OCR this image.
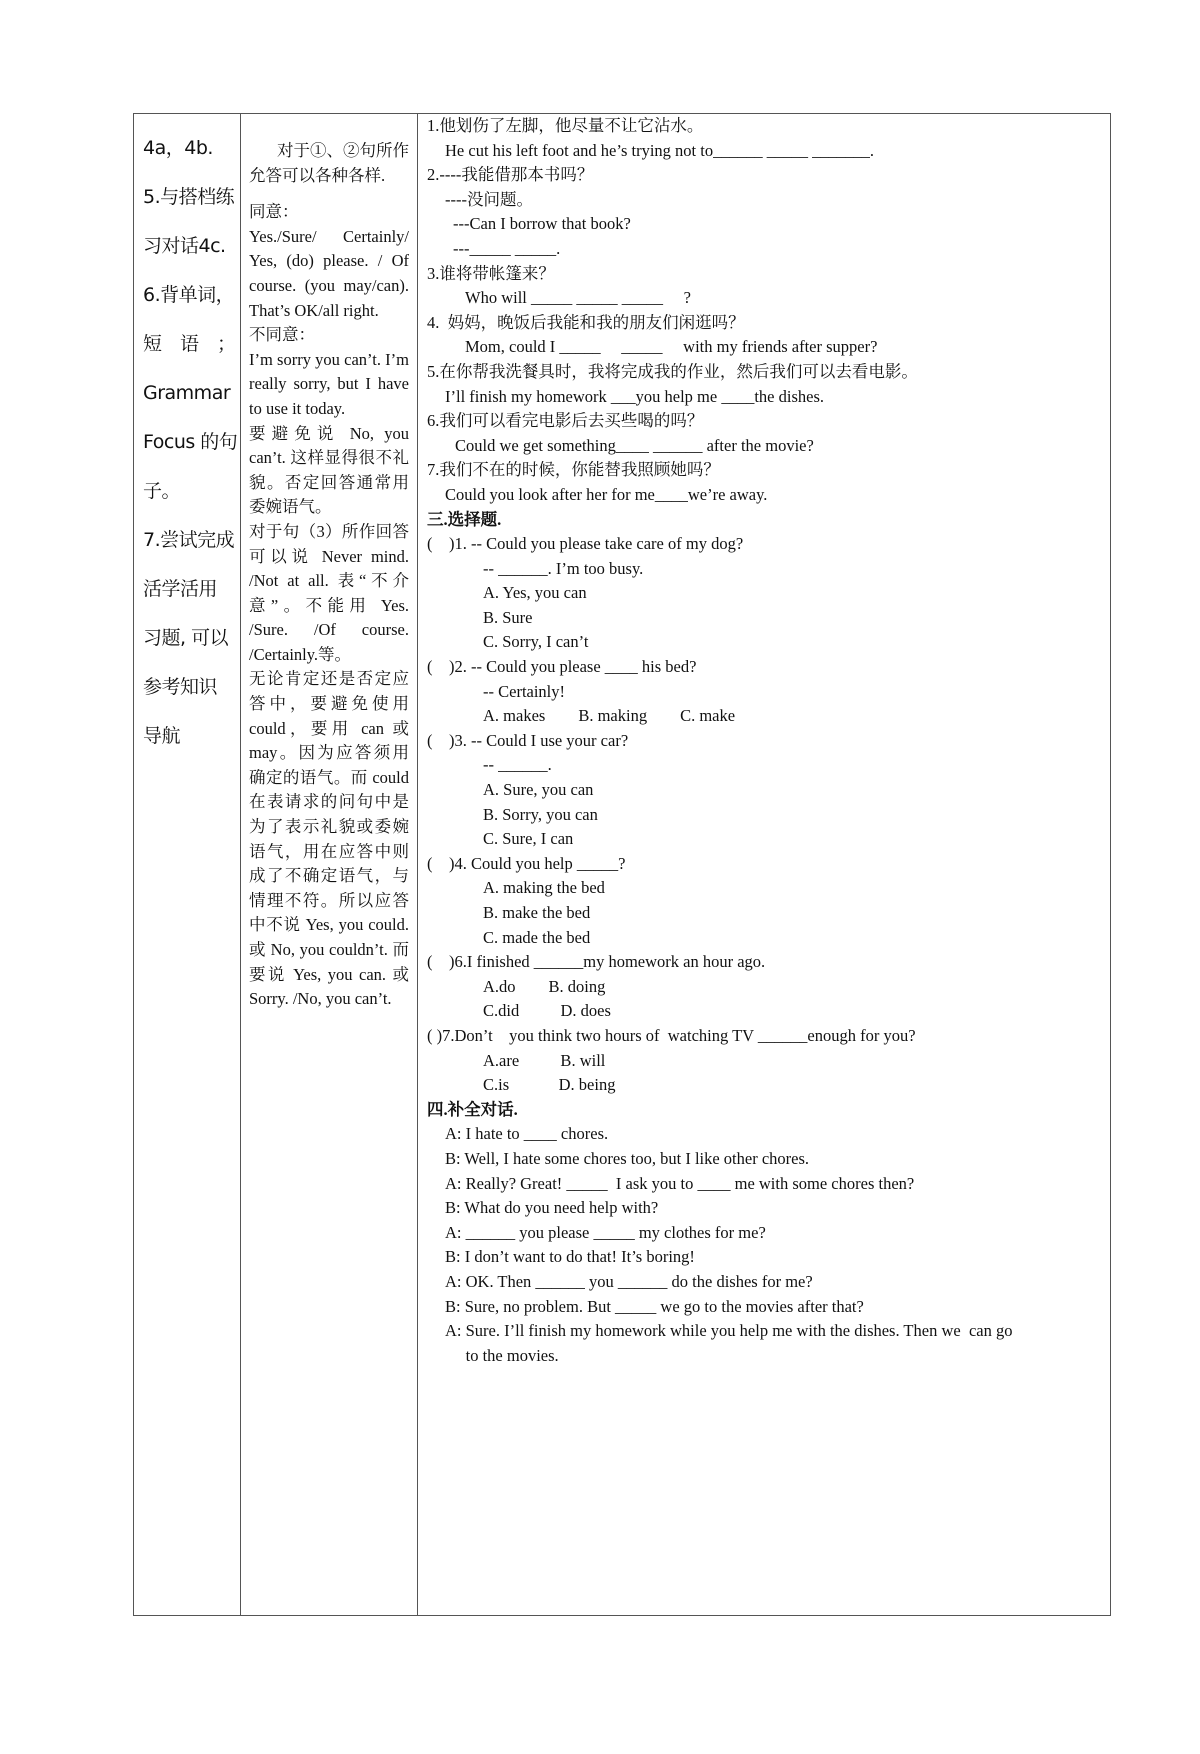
4a，4b.
5.与搭档练
习对话4c.
6.背单词，
短　语　；
Grammar
Focus 的句
子。
7.尝试完成
活学活用
习题, 可以
参考知识
导航

对于①、②句所作允答可以各种各样.

同意：

Yes./Sure/ Certainly/ Yes, (do) please. / Of course. (you may/can). That’s OK/all right.

不同意：

I’m sorry you can’t. I’m really sorry, but I have to use it today.

要避免说 No, you can’t. 这样显得很不礼貌。否定回答通常用委婉语气。

对于句（3）所作回答可以说 Never mind. /Not at all. 表“不介意”。不能用 Yes. /Sure. /Of course. /Certainly.等。

无论肯定还是否定应答中，要避免使用 could，要用 can 或 may。因为应答须用确定的语气。而 could 在表请求的问句中是为了表示礼貌或委婉语气，用在应答中则成了不确定语气，与情理不符。所以应答中不说 Yes, you could. 或 No, you couldn’t. 而要说 Yes, you can. 或 Sorry. /No, you can’t.

1.他划伤了左脚，他尽量不让它沾水。
He cut his left foot and he’s trying not to______ _____ _______.
2.----我能借那本书吗？
----没问题。
---Can I borrow that book?
---_____ _____.
3.谁将带帐篷来？
Who will _____ _____ _____     ?
4.  妈妈，晚饭后我能和我的朋友们闲逛吗？
Mom, could I _____     _____     with my friends after supper?
5.在你帮我洗餐具时，我将完成我的作业，然后我们可以去看电影。
I’ll finish my homework ___you help me ____the dishes.
6.我们可以看完电影后去买些喝的吗？
Could we get something____ ______ after the movie?
7.我们不在的时候，你能替我照顾她吗？
Could you look after her for me____we’re away.
三.选择题.
(    )1. -- Could you please take care of my dog?
-- ______. I’m too busy.
A. Yes, you can
B. Sure
C. Sorry, I can’t
(    )2. -- Could you please ____ his bed?
-- Certainly!
A. makes        B. making        C. make
(    )3. -- Could I use your car?
-- ______.
A. Sure, you can
B. Sorry, you can
C. Sure, I can
(    )4. Could you help _____?
A. making the bed
B. make the bed
C. made the bed
(    )6.I finished ______my homework an hour ago.
A.do        B. doing
C.did          D. does
( )7.Don’t    you think two hours of  watching TV ______enough for you?
A.are          B. will
C.is            D. being
四.补全对话.
A: I hate to ____ chores.
B: Well, I hate some chores too, but I like other chores.
A: Really? Great! _____  I ask you to ____ me with some chores then?
B: What do you need help with?
A: ______ you please _____ my clothes for me?
B: I don’t want to do that! It’s boring!
A: OK. Then ______ you ______ do the dishes for me?
B: Sure, no problem. But _____ we go to the movies after that?
A: Sure. I’ll finish my homework while you help me with the dishes. Then we  can go
to the movies.
